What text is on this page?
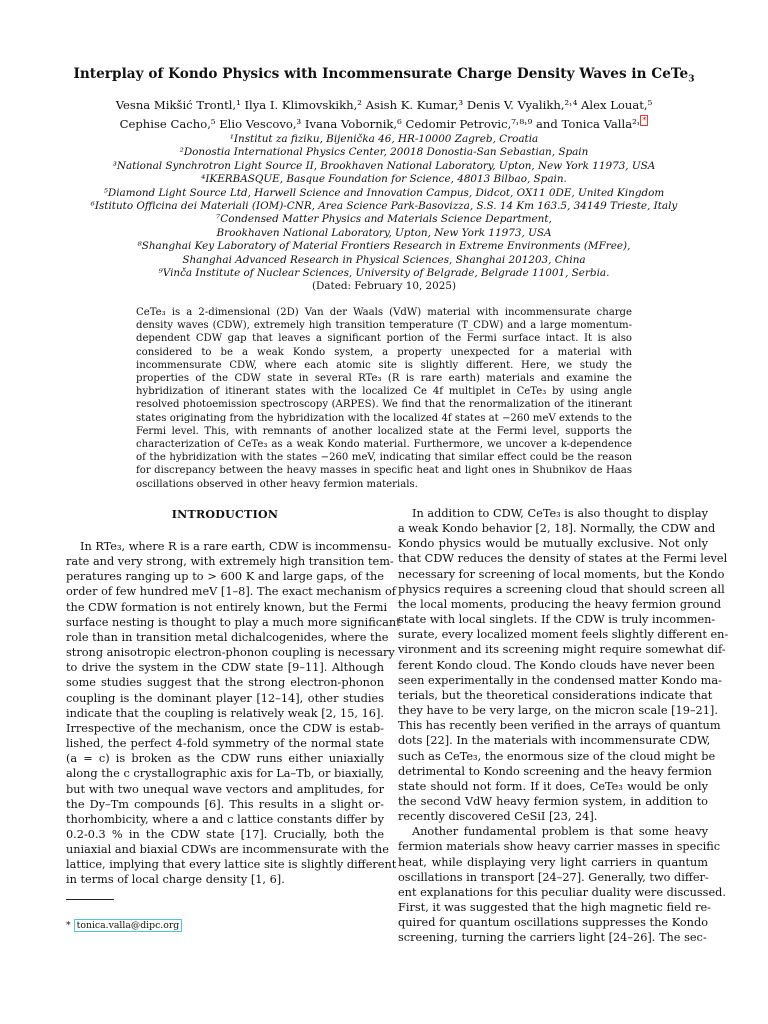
Interplay of Kondo Physics with Incommensurate Charge Density Waves in CeTe$_3$
Vesna Mikšić Trontl,¹ Ilya I. Klimovskikh,² Asish K. Kumar,³ Denis V. Vyalikh,²˒⁴ Alex Louat,⁵
Cephise Cacho,⁵ Elio Vescovo,³ Ivana Vobornik,⁶ Cedomir Petrovic,⁷˒⁸˒⁹ and Tonica Valla²˒ *
¹Institut za fiziku, Bijenička 46, HR-10000 Zagreb, Croatia
²Donostia International Physics Center, 20018 Donostia-San Sebastian, Spain
³National Synchrotron Light Source II, Brookhaven National Laboratory, Upton, New York 11973, USA
⁴IKERBASQUE, Basque Foundation for Science, 48013 Bilbao, Spain.
⁵Diamond Light Source Ltd, Harwell Science and Innovation Campus, Didcot, OX11 0DE, United Kingdom
⁶Istituto Officina dei Materiali (IOM)-CNR, Area Science Park-Basovizza, S.S. 14 Km 163.5, 34149 Trieste, Italy
⁷Condensed Matter Physics and Materials Science Department,
Brookhaven National Laboratory, Upton, New York 11973, USA
⁸Shanghai Key Laboratory of Material Frontiers Research in Extreme Environments (MFree),
Shanghai Advanced Research in Physical Sciences, Shanghai 201203, China
⁹Vinča Institute of Nuclear Sciences, University of Belgrade, Belgrade 11001, Serbia.
(Dated: February 10, 2025)
CeTe₃ is a 2-dimensional (2D) Van der Waals (VdW) material with incommensurate charge density waves (CDW), extremely high transition temperature (T_CDW) and a large momentum-dependent CDW gap that leaves a significant portion of the Fermi surface intact. It is also considered to be a weak Kondo system, a property unexpected for a material with incommensurate CDW, where each atomic site is slightly different. Here, we study the properties of the CDW state in several RTe₃ (R is rare earth) materials and examine the hybridization of itinerant states with the localized Ce 4f multiplet in CeTe₃ by using angle resolved photoemission spectroscopy (ARPES). We find that the renormalization of the itinerant states originating from the hybridization with the localized 4f states at −260 meV extends to the Fermi level. This, with remnants of another localized state at the Fermi level, supports the characterization of CeTe₃ as a weak Kondo material. Furthermore, we uncover a k-dependence of the hybridization with the states −260 meV, indicating that similar effect could be the reason for discrepancy between the heavy masses in specific heat and light ones in Shubnikov de Haas oscillations observed in other heavy fermion materials.
INTRODUCTION
In RTe₃, where R is a rare earth, CDW is incommensu-
rate and very strong, with extremely high transition tem-
peratures ranging up to > 600 K and large gaps, of the
order of few hundred meV [1–8]. The exact mechanism of
the CDW formation is not entirely known, but the Fermi
surface nesting is thought to play a much more significant
role than in transition metal dichalcogenides, where the
strong anisotropic electron-phonon coupling is necessary
to drive the system in the CDW state [9–11]. Although
some studies suggest that the strong electron-phonon
coupling is the dominant player [12–14], other studies
indicate that the coupling is relatively weak [2, 15, 16].
Irrespective of the mechanism, once the CDW is estab-
lished, the perfect 4-fold symmetry of the normal state
(a = c) is broken as the CDW runs either uniaxially
along the c crystallographic axis for La–Tb, or biaxially,
but with two unequal wave vectors and amplitudes, for
the Dy–Tm compounds [6]. This results in a slight or-
thorhombicity, where a and c lattice constants differ by
0.2-0.3 % in the CDW state [17]. Crucially, both the
uniaxial and biaxial CDWs are incommensurate with the
lattice, implying that every lattice site is slightly different
in terms of local charge density [1, 6].
In addition to CDW, CeTe₃ is also thought to display
a weak Kondo behavior [2, 18]. Normally, the CDW and
Kondo physics would be mutually exclusive. Not only
that CDW reduces the density of states at the Fermi level
necessary for screening of local moments, but the Kondo
physics requires a screening cloud that should screen all
the local moments, producing the heavy fermion ground
state with local singlets. If the CDW is truly incommen-
surate, every localized moment feels slightly different en-
vironment and its screening might require somewhat dif-
ferent Kondo cloud. The Kondo clouds have never been
seen experimentally in the condensed matter Kondo ma-
terials, but the theoretical considerations indicate that
they have to be very large, on the micron scale [19–21].
This has recently been verified in the arrays of quantum
dots [22]. In the materials with incommensurate CDW,
such as CeTe₃, the enormous size of the cloud might be
detrimental to Kondo screening and the heavy fermion
state should not form. If it does, CeTe₃ would be only
the second VdW heavy fermion system, in addition to
recently discovered CeSiI [23, 24].
Another fundamental problem is that some heavy
fermion materials show heavy carrier masses in specific
heat, while displaying very light carriers in quantum
oscillations in transport [24–27]. Generally, two differ-
ent explanations for this peculiar duality were discussed.
First, it was suggested that the high magnetic field re-
quired for quantum oscillations suppresses the Kondo
screening, turning the carriers light [24–26]. The sec-
* tonica.valla@dipc.org
